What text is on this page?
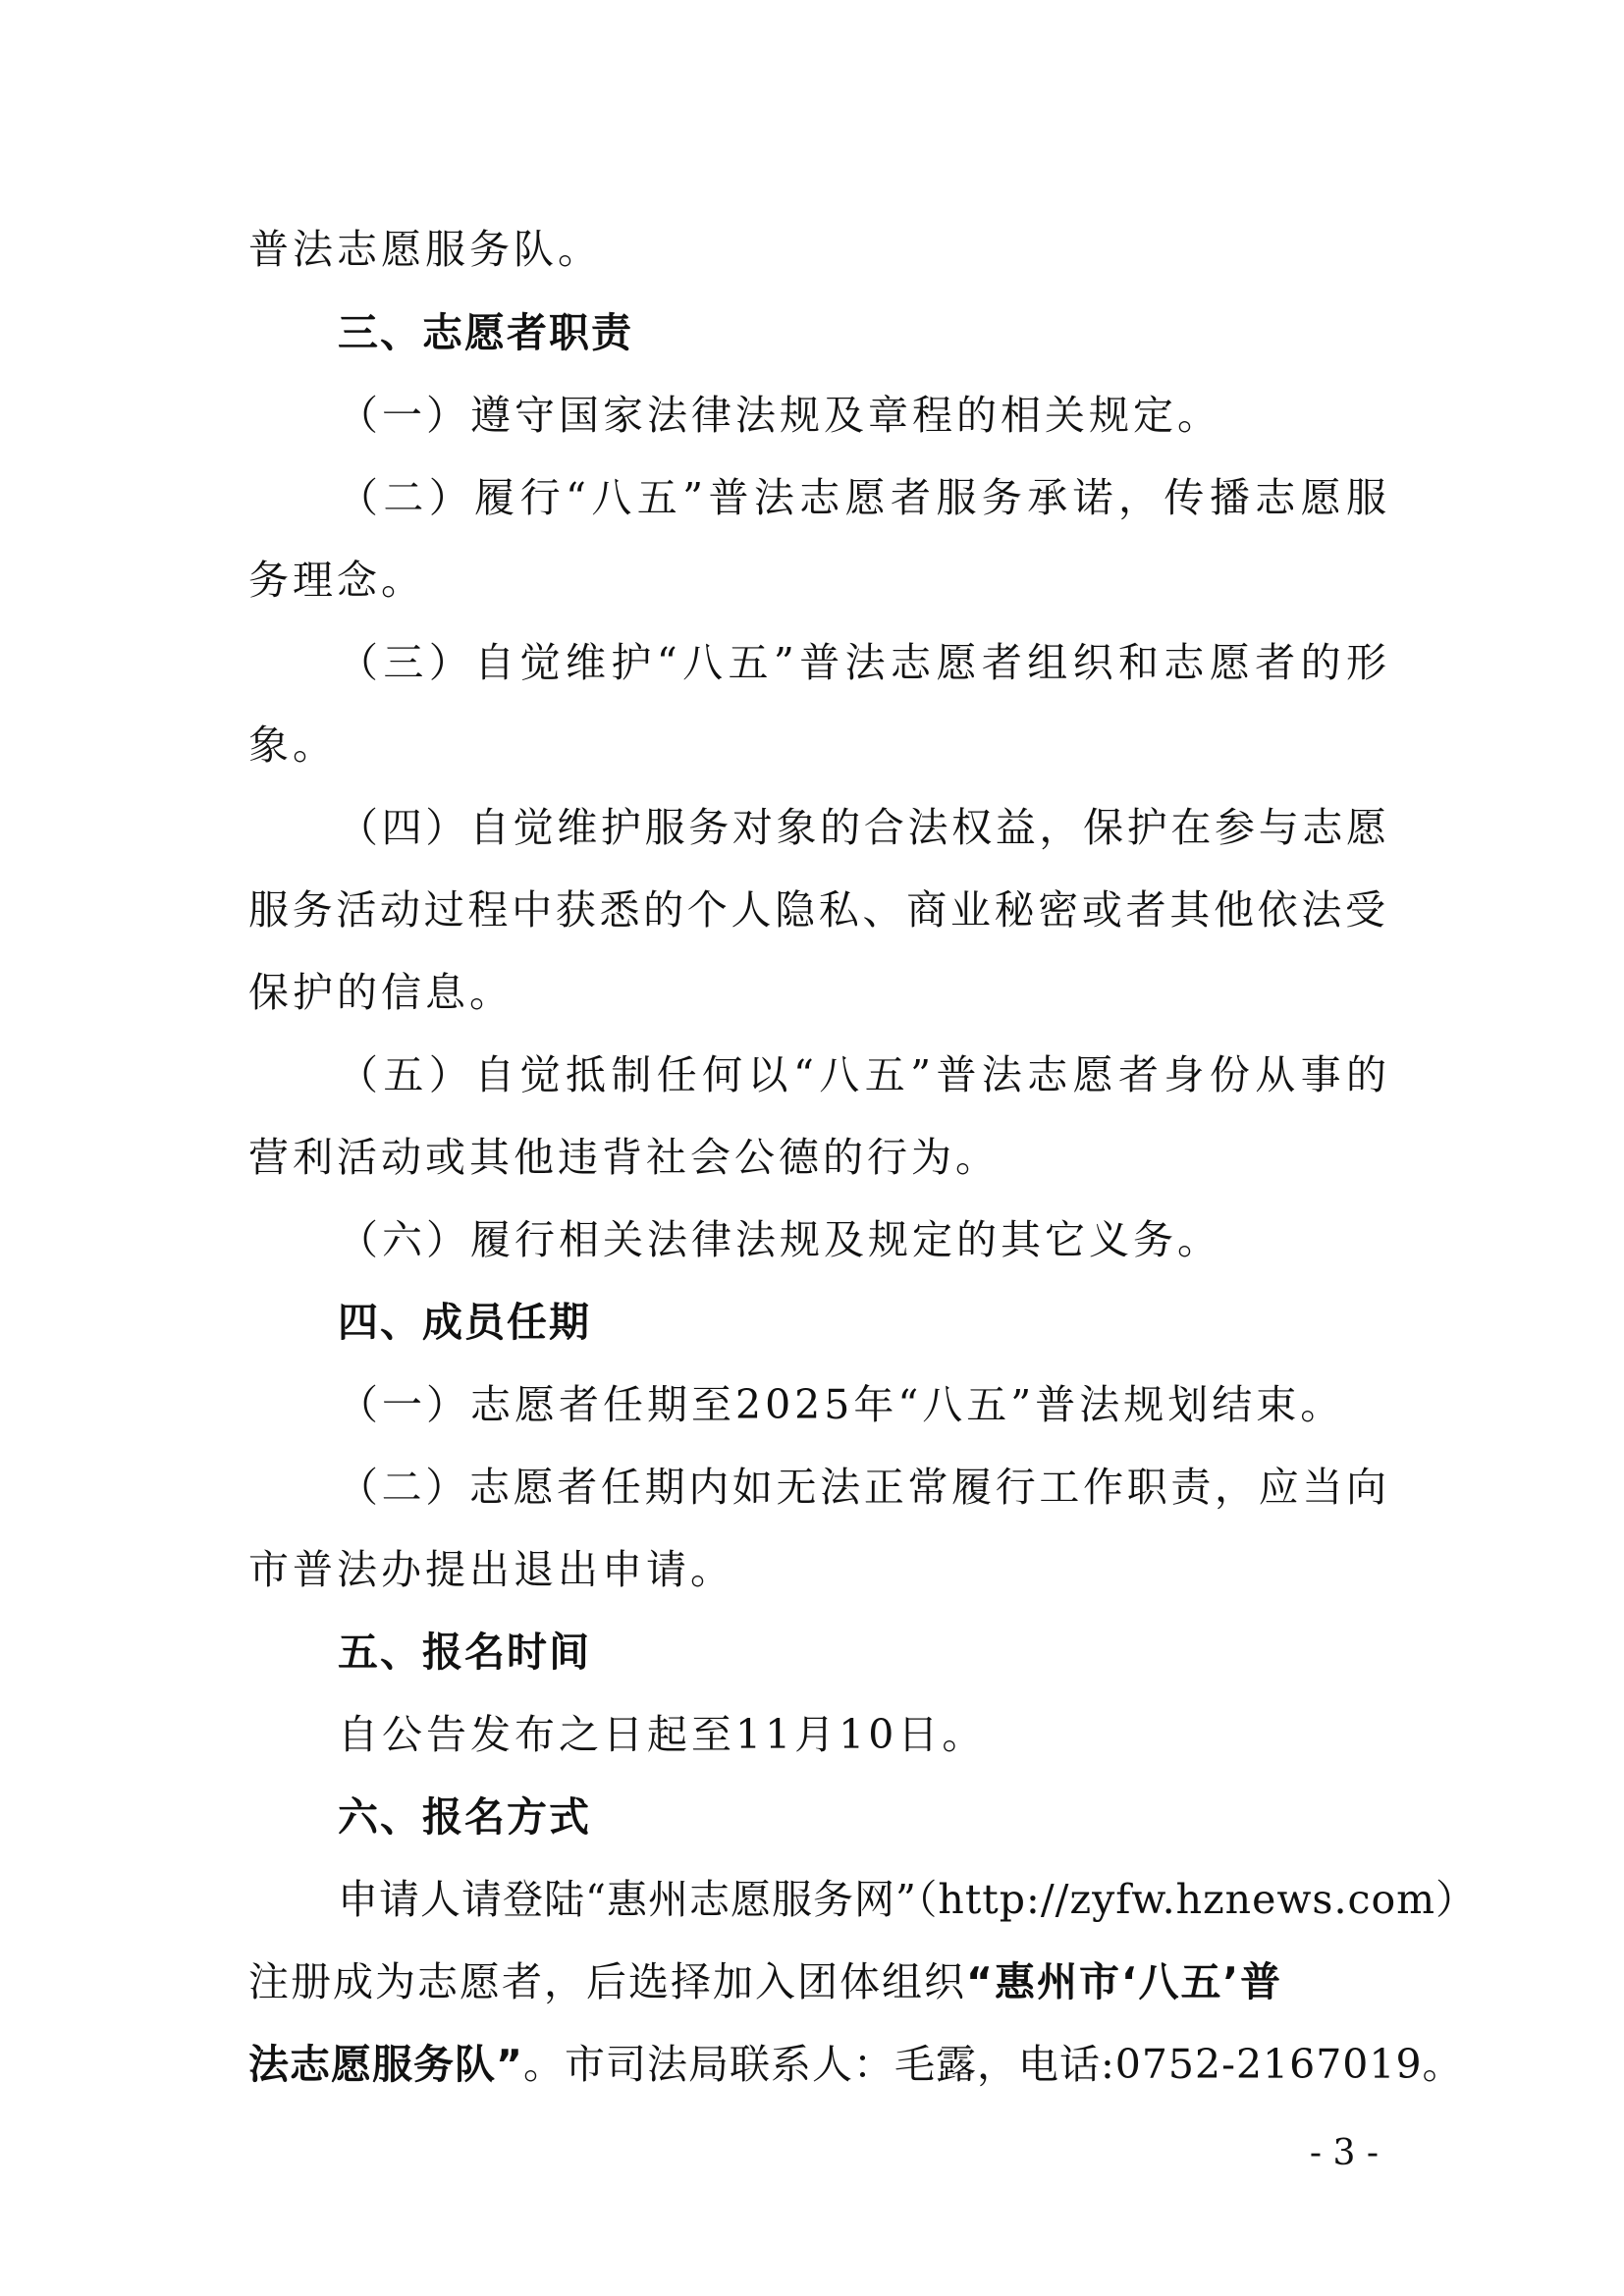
普法志愿服务队。
三、志愿者职责
（一）遵守国家法律法规及章程的相关规定。
（二）履行“八五”普法志愿者服务承诺，传播志愿服
务理念。
（三）自觉维护“八五”普法志愿者组织和志愿者的形
象。
（四）自觉维护服务对象的合法权益，保护在参与志愿
服务活动过程中获悉的个人隐私、商业秘密或者其他依法受
保护的信息。
（五）自觉抵制任何以“八五”普法志愿者身份从事的
营利活动或其他违背社会公德的行为。
（六）履行相关法律法规及规定的其它义务。
四、成员任期
（一）志愿者任期至2025年“八五”普法规划结束。
（二）志愿者任期内如无法正常履行工作职责，应当向
市普法办提出退出申请。
五、报名时间
自公告发布之日起至11月10日。
六、报名方式
申请人请登陆“惠州志愿服务网”（http://zyfw.hznews.com）
注册成为志愿者，后选择加入团体组织“惠州市‘八五’普
法志愿服务队”。市司法局联系人：毛露，电话:0752-2167019。
- 3 -
